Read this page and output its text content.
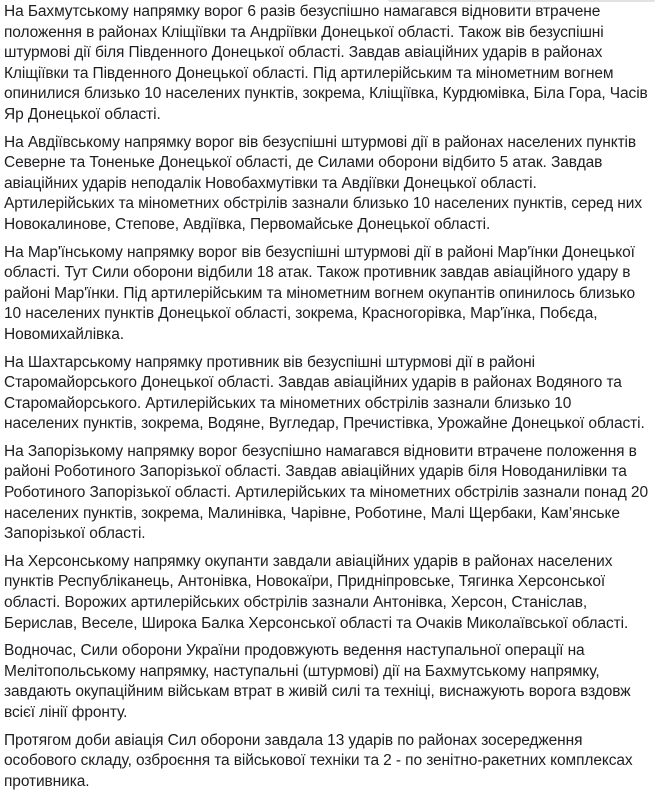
На Бахмутському напрямку ворог 6 разів безуспішно намагався відновити втрачене положення в районах Кліщіївки та Андріївки Донецької області. Також вів безуспішні штурмові дії біля Південного Донецької області. Завдав авіаційних ударів в районах Кліщіївки та Південного Донецької області. Під артилерійським та мінометним вогнем опинилися близько 10 населених пунктів, зокрема, Кліщіївка, Курдюмівка, Біла Гора, Часів Яр Донецької області.

На Авдіївському напрямку ворог вів безуспішні штурмові дії в районах населених пунктів Северне та Тоненьке Донецької області, де Силами оборони відбито 5 атак. Завдав авіаційних ударів неподалік Новобахмутівки та Авдіївки Донецької області. Артилерійських та мінометних обстрілів зазнали близько 10 населених пунктів, серед них Новокалинове, Степове, Авдіївка, Первомайське Донецької області.

На Мар'їнському напрямку ворог вів безуспішні штурмові дії в районі Мар'їнки Донецької області. Тут Сили оборони відбили 18 атак. Також противник завдав авіаційного удару в районі Мар'їнки. Під артилерійським та мінометним вогнем окупантів опинилось близько 10 населених пунктів Донецької області, зокрема, Красногорівка, Мар'їнка, Побєда, Новомихайлівка.

На Шахтарському напрямку противник вів безуспішні штурмові дії в районі Старомайорського Донецької області. Завдав авіаційних ударів в районах Водяного та Старомайорського. Артилерійських та мінометних обстрілів зазнали близько 10 населених пунктів, зокрема, Водяне, Вугледар, Пречистівка, Урожайне Донецької області.

На Запорізькому напрямку ворог безуспішно намагався відновити втрачене положення в районі Роботиного Запорізької області. Завдав авіаційних ударів біля Новоданилівки та Роботиного Запорізької області. Артилерійських та мінометних обстрілів зазнали понад 20 населених пунктів, зокрема, Малинівка, Чарівне, Роботине, Малі Щербаки, Кам’янське Запорізької області.

На Херсонському напрямку окупанти завдали авіаційних ударів в районах населених пунктів Республіканець, Антонівка, Новокаїри, Придніпровське, Тягинка Херсонської області. Ворожих артилерійських обстрілів зазнали Антонівка, Херсон, Станіслав, Берислав, Веселе, Широка Балка Херсонської області та Очаків Миколаївської області.

Водночас, Сили оборони України продовжують ведення наступальної операції на Мелітопольському напрямку, наступальні (штурмові) дії на Бахмутському напрямку, завдають окупаційним військам втрат в живій силі та техніці, виснажують ворога вздовж всієї лінії фронту.

Протягом доби авіація Сил оборони завдала 13 ударів по районах зосередження особового складу, озброєння та військової техніки та 2 - по зенітно-ракетних комплексах противника.
